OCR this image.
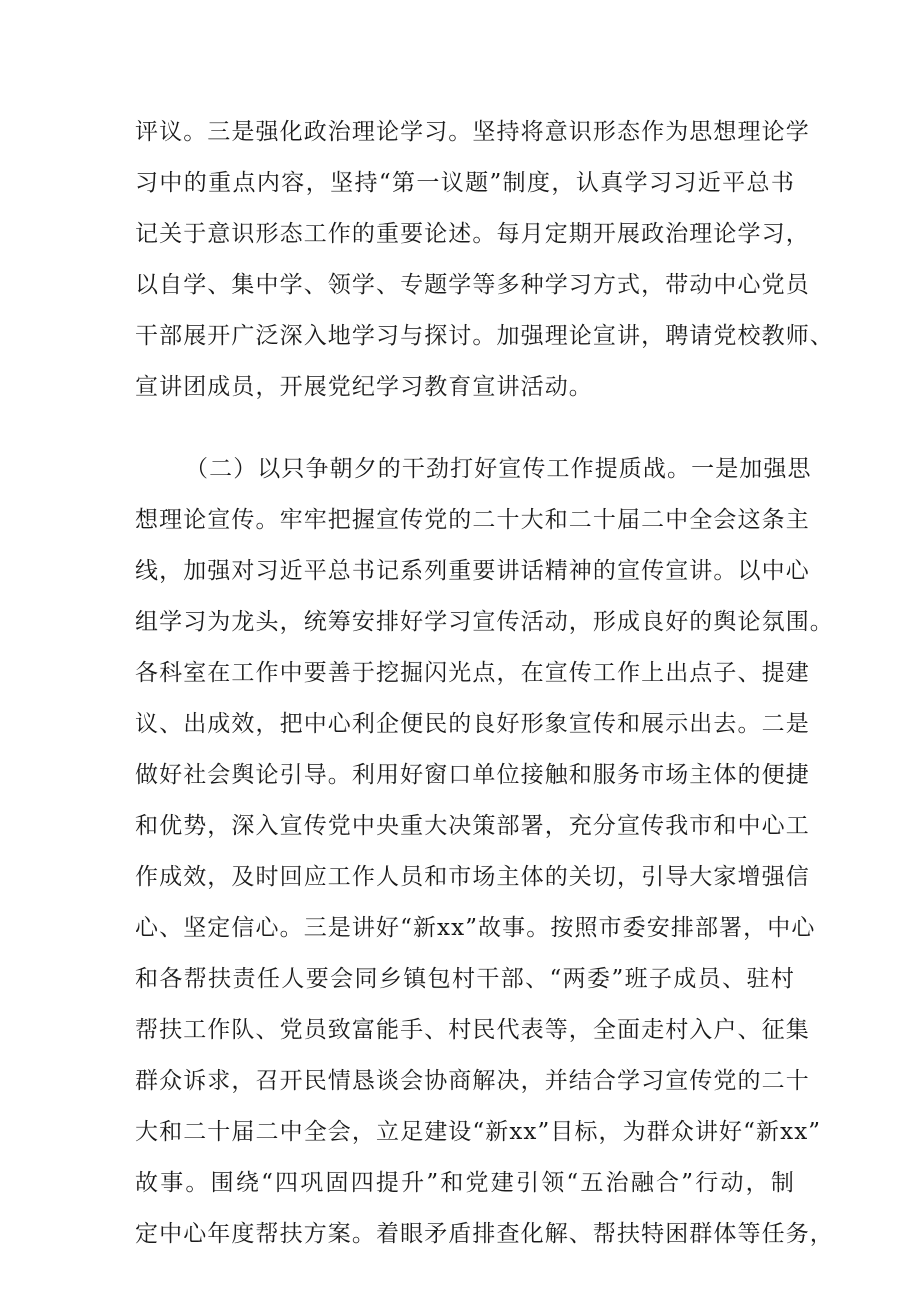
评议。三是强化政治理论学习。坚持将意识形态作为思想理论学
习中的重点内容，坚持“第一议题”制度，认真学习习近平总书
记关于意识形态工作的重要论述。每月定期开展政治理论学习，
以自学、集中学、领学、专题学等多种学习方式，带动中心党员
干部展开广泛深入地学习与探讨。加强理论宣讲，聘请党校教师、
宣讲团成员，开展党纪学习教育宣讲活动。
（二）以只争朝夕的干劲打好宣传工作提质战。一是加强思
想理论宣传。牢牢把握宣传党的二十大和二十届二中全会这条主
线，加强对习近平总书记系列重要讲话精神的宣传宣讲。以中心
组学习为龙头，统筹安排好学习宣传活动，形成良好的舆论氛围。
各科室在工作中要善于挖掘闪光点，在宣传工作上出点子、提建
议、出成效，把中心利企便民的良好形象宣传和展示出去。二是
做好社会舆论引导。利用好窗口单位接触和服务市场主体的便捷
和优势，深入宣传党中央重大决策部署，充分宣传我市和中心工
作成效，及时回应工作人员和市场主体的关切，引导大家增强信
心、坚定信心。三是讲好“新xx”故事。按照市委安排部署，中心
和各帮扶责任人要会同乡镇包村干部、“两委”班子成员、驻村
帮扶工作队、党员致富能手、村民代表等，全面走村入户、征集
群众诉求，召开民情恳谈会协商解决，并结合学习宣传党的二十
大和二十届二中全会，立足建设“新xx”目标，为群众讲好“新xx”
故事。围绕“四巩固四提升”和党建引领“五治融合”行动，制
定中心年度帮扶方案。着眼矛盾排查化解、帮扶特困群体等任务，
